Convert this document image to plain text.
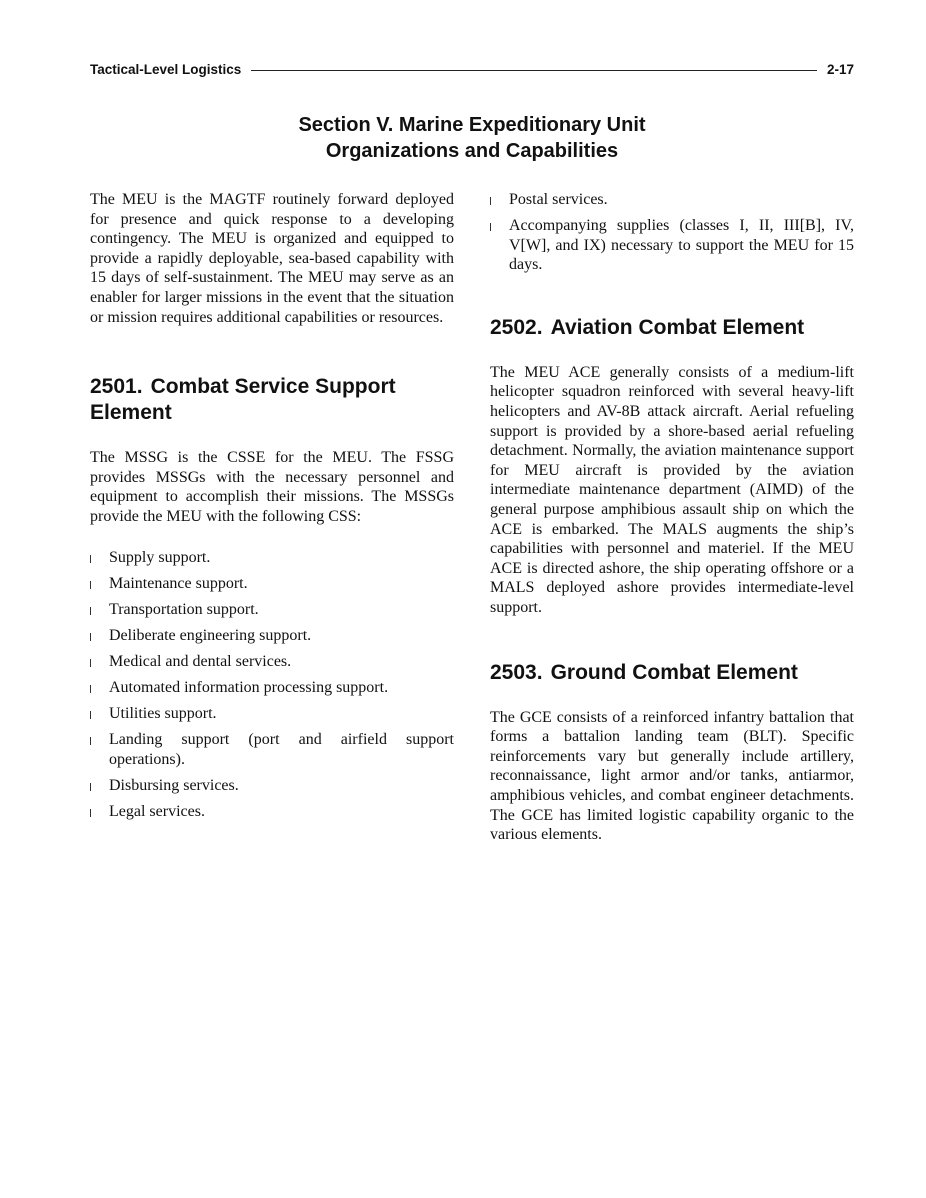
Tactical-Level Logistics	2-17
Section V. Marine Expeditionary Unit
Organizations and Capabilities

The MEU is the MAGTF routinely forward deployed for presence and quick response to a developing contingency. The MEU is organized and equipped to provide a rapidly deployable, sea-based capability with 15 days of self-sustainment. The MEU may serve as an enabler for larger missions in the event that the situation or mission requires additional capabilities or resources.

2501. Combat Service Support
Element

The MSSG is the CSSE for the MEU. The FSSG provides MSSGs with the necessary personnel and equipment to accomplish their missions. The MSSGs provide the MEU with the following CSS:

Supply support.
Maintenance support.
Transportation support.
Deliberate engineering support.
Medical and dental services.
Automated information processing support.
Utilities support.
Landing support (port and airfield support operations).
Disbursing services.
Legal services.
Postal services.
Accompanying supplies (classes I, II, III[B], IV, V[W], and IX) necessary to support the MEU for 15 days.
2502. Aviation Combat Element

The MEU ACE generally consists of a medium-lift helicopter squadron reinforced with several heavy-lift helicopters and AV-8B attack aircraft. Aerial refueling support is provided by a shore-based aerial refueling detachment. Normally, the aviation maintenance support for MEU aircraft is provided by the aviation intermediate maintenance department (AIMD) of the general purpose amphibious assault ship on which the ACE is embarked. The MALS augments the ship’s capabilities with personnel and materiel. If the MEU ACE is directed ashore, the ship operating offshore or a MALS deployed ashore provides intermediate-level support.

2503. Ground Combat Element

The GCE consists of a reinforced infantry battalion that forms a battalion landing team (BLT). Specific reinforcements vary but generally include artillery, reconnaissance, light armor and/or tanks, antiarmor, amphibious vehicles, and combat engineer detachments. The GCE has limited logistic capability organic to the various elements.
